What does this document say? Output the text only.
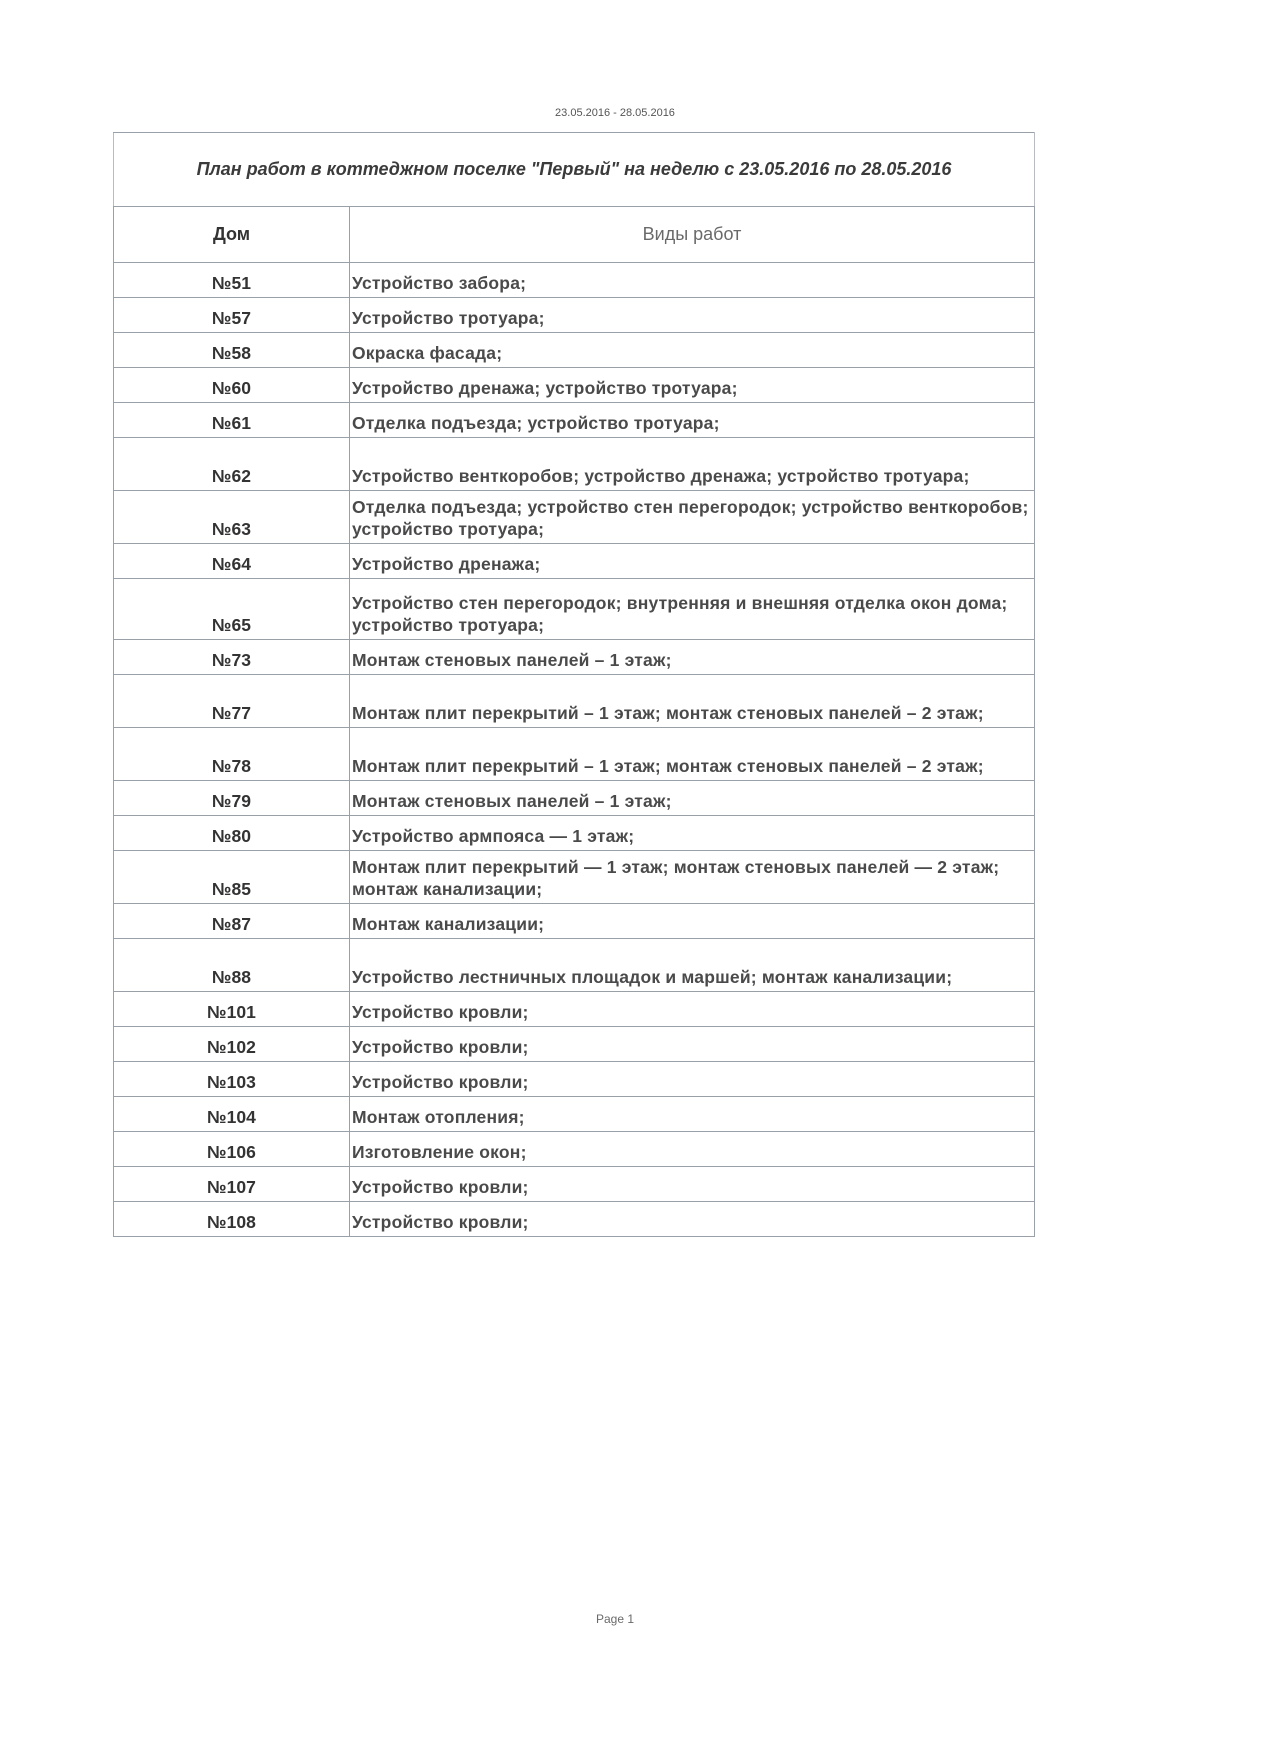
23.05.2016 - 28.05.2016
План работ в коттеджном поселке "Первый" на неделю с 23.05.2016 по 28.05.2016	
Дом	Виды работ
№51	Устройство забора;
№57	Устройство тротуара;
№58	Окраска фасада;
№60	Устройство дренажа; устройство тротуара;
№61	Отделка подъезда; устройство тротуара;
№62	Устройство венткоробов; устройство дренажа; устройство тротуара;
№63	Отделка подъезда; устройство стен перегородок; устройство венткоробов; устройство тротуара;
№64	Устройство дренажа;
№65	Устройство стен перегородок; внутренняя и внешняя отделка окон дома; устройство тротуара;
№73	Монтаж стеновых панелей – 1 этаж;
№77	Монтаж плит перекрытий – 1 этаж; монтаж стеновых панелей – 2 этаж;
№78	Монтаж плит перекрытий – 1 этаж; монтаж стеновых панелей – 2 этаж;
№79	Монтаж стеновых панелей – 1 этаж;
№80	Устройство армпояса — 1 этаж;
№85	Монтаж плит перекрытий — 1 этаж; монтаж стеновых панелей — 2 этаж; монтаж канализации;
№87	Монтаж канализации;
№88	Устройство лестничных площадок и маршей; монтаж канализации;
№101	Устройство кровли;
№102	Устройство кровли;
№103	Устройство кровли;
№104	Монтаж отопления;
№106	Изготовление окон;
№107	Устройство кровли;
№108	Устройство кровли;
Page 1
